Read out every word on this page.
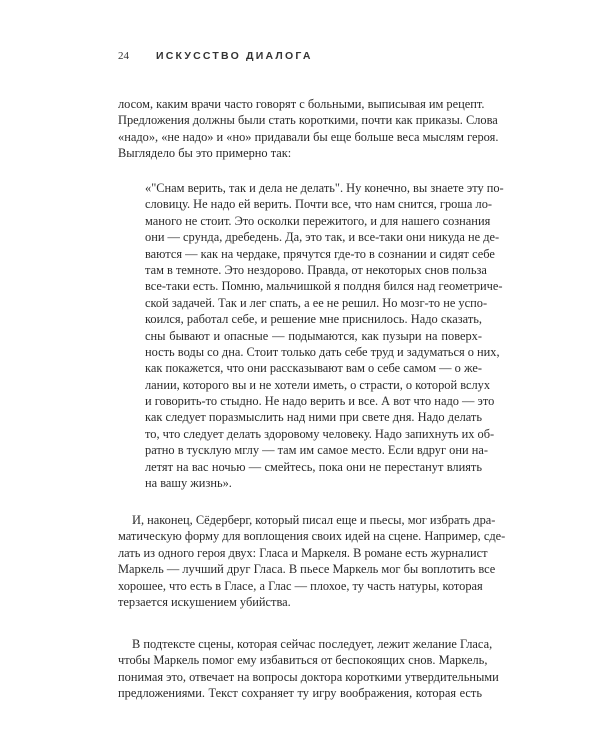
24	ИСКУССТВО ДИАЛОГА
лосом, каким врачи часто говорят с больными, выписывая им рецепт.
Предложения должны были стать короткими, почти как приказы. Слова
«надо», «не надо» и «но» придавали бы еще больше веса мыслям героя.
Выглядело бы это примерно так:
«"Снам верить, так и дела не делать". Ну конечно, вы знаете эту по-
словицу. Не надо ей верить. Почти все, что нам снится, гроша ло-
маного не стоит. Это осколки пережитого, и для нашего сознания
они — срунда, дребедень. Да, это так, и все-таки они никуда не де-
ваются — как на чердаке, прячутся где-то в сознании и сидят себе
там в темноте. Это нездорово. Правда, от некоторых снов польза
все-таки есть. Помню, мальчишкой я полдня бился над геометриче-
ской задачей. Так и лег спать, а ее не решил. Но мозг-то не успо-
коился, работал себе, и решение мне приснилось. Надо сказать,
сны бывают и опасные — подымаются, как пузыри на поверх-
ность воды со дна. Стоит только дать себе труд и задуматься о них,
как покажется, что они рассказывают вам о себе самом — о же-
лании, которого вы и не хотели иметь, о страсти, о которой вслух
и говорить-то стыдно. Не надо верить и все. А вот что надо — это
как следует поразмыслить над ними при свете дня. Надо делать
то, что следует делать здоровому человеку. Надо запихнуть их об-
ратно в тусклую мглу — там им самое место. Если вдруг они на-
летят на вас ночью — смейтесь, пока они не перестанут влиять
на вашу жизнь».
И, наконец, Сёдерберг, который писал еще и пьесы, мог избрать дра-
матическую форму для воплощения своих идей на сцене. Например, сде-
лать из одного героя двух: Гласа и Маркеля. В романе есть журналист
Маркель — лучший друг Гласа. В пьесе Маркель мог бы воплотить все
хорошее, что есть в Гласе, а Глас — плохое, ту часть натуры, которая
терзается искушением убийства.
В подтексте сцены, которая сейчас последует, лежит желание Гласа,
чтобы Маркель помог ему избавиться от беспокоящих снов. Маркель,
понимая это, отвечает на вопросы доктора короткими утвердительными
предложениями. Текст сохраняет ту игру воображения, которая есть
